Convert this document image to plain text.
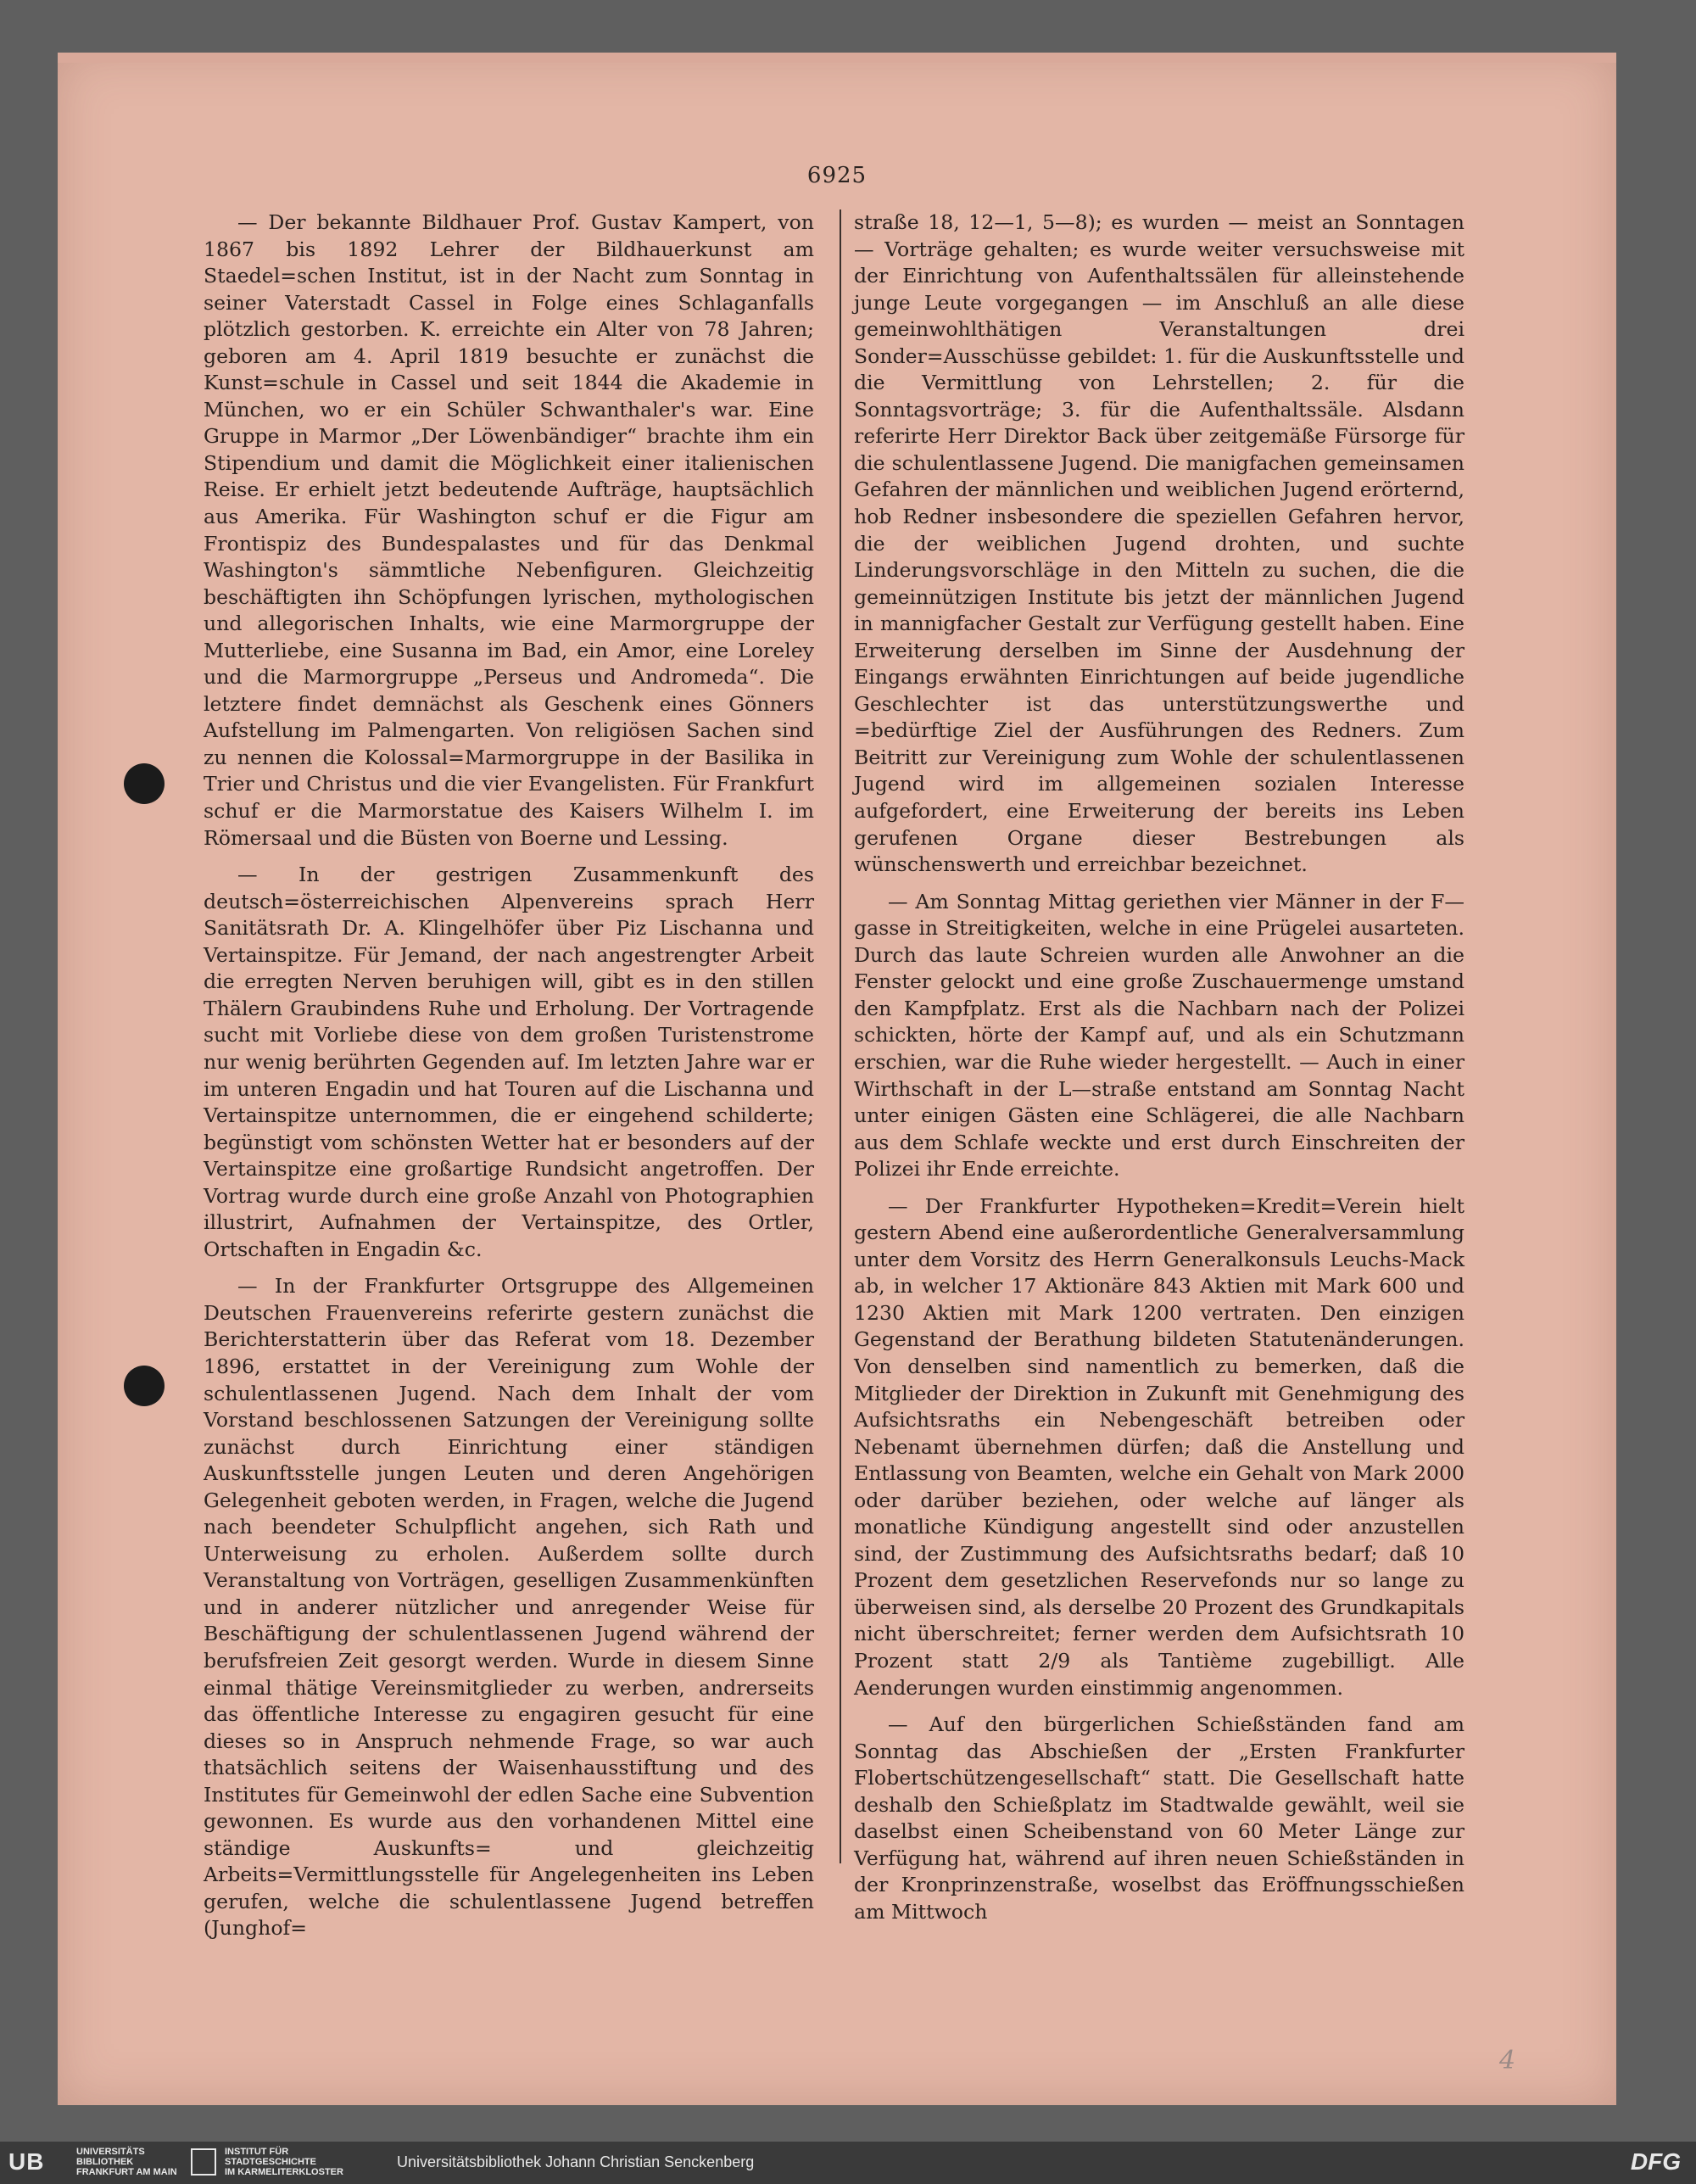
6925

— Der bekannte Bildhauer Prof. Gustav Kampert, von 1867 bis 1892 Lehrer der Bildhauerkunst am Staedel=schen Institut, ist in der Nacht zum Sonntag in seiner Vaterstadt Cassel in Folge eines Schlaganfalls plötzlich gestorben. K. erreichte ein Alter von 78 Jahren; geboren am 4. April 1819 besuchte er zunächst die Kunst=schule in Cassel und seit 1844 die Akademie in München, wo er ein Schüler Schwanthaler's war. Eine Gruppe in Marmor „Der Löwenbändiger“ brachte ihm ein Stipendium und damit die Möglichkeit einer italienischen Reise. Er erhielt jetzt bedeutende Aufträge, hauptsächlich aus Amerika. Für Washington schuf er die Figur am Frontispiz des Bundespalastes und für das Denkmal Washington's sämmtliche Nebenfiguren. Gleichzeitig beschäftigten ihn Schöpfungen lyrischen, mythologischen und allegorischen Inhalts, wie eine Marmorgruppe der Mutterliebe, eine Susanna im Bad, ein Amor, eine Loreley und die Marmorgruppe „Perseus und Andromeda“. Die letztere findet demnächst als Geschenk eines Gönners Aufstellung im Palmengarten. Von religiösen Sachen sind zu nennen die Kolossal=Marmorgruppe in der Basilika in Trier und Christus und die vier Evangelisten. Für Frankfurt schuf er die Marmorstatue des Kaisers Wilhelm I. im Römersaal und die Büsten von Boerne und Lessing.

— In der gestrigen Zusammenkunft des deutsch=österreichischen Alpenvereins sprach Herr Sanitätsrath Dr. A. Klingelhöfer über Piz Lischanna und Vertainspitze. Für Jemand, der nach angestrengter Arbeit die erregten Nerven beruhigen will, gibt es in den stillen Thälern Graubindens Ruhe und Erholung. Der Vortragende sucht mit Vorliebe diese von dem großen Turistenstrome nur wenig berührten Gegenden auf. Im letzten Jahre war er im unteren Engadin und hat Touren auf die Lischanna und Vertainspitze unternommen, die er eingehend schilderte; begünstigt vom schönsten Wetter hat er besonders auf der Vertainspitze eine großartige Rundsicht angetroffen. Der Vortrag wurde durch eine große Anzahl von Photographien illustrirt, Aufnahmen der Vertainspitze, des Ortler, Ortschaften in Engadin &c.

— In der Frankfurter Ortsgruppe des Allgemeinen Deutschen Frauenvereins referirte gestern zunächst die Berichterstatterin über das Referat vom 18. Dezember 1896, erstattet in der Vereinigung zum Wohle der schulentlassenen Jugend. Nach dem Inhalt der vom Vorstand beschlossenen Satzungen der Vereinigung sollte zunächst durch Einrichtung einer ständigen Auskunftsstelle jungen Leuten und deren Angehörigen Gelegenheit geboten werden, in Fragen, welche die Jugend nach beendeter Schulpflicht angehen, sich Rath und Unterweisung zu erholen. Außerdem sollte durch Veranstaltung von Vorträgen, geselligen Zusammenkünften und in anderer nützlicher und anregender Weise für Beschäftigung der schulentlassenen Jugend während der berufsfreien Zeit gesorgt werden. Wurde in diesem Sinne einmal thätige Vereinsmitglieder zu werben, andrerseits das öffentliche Interesse zu engagiren gesucht für eine dieses so in Anspruch nehmende Frage, so war auch thatsächlich seitens der Waisenhausstiftung und des Institutes für Gemeinwohl der edlen Sache eine Subvention gewonnen. Es wurde aus den vorhandenen Mittel eine ständige Auskunfts= und gleichzeitig Arbeits=Vermittlungsstelle für Angelegenheiten ins Leben gerufen, welche die schulentlassene Jugend betreffen (Junghof=

straße 18, 12—1, 5—8); es wurden — meist an Sonntagen — Vorträge gehalten; es wurde weiter versuchsweise mit der Einrichtung von Aufenthaltssälen für alleinstehende junge Leute vorgegangen — im Anschluß an alle diese gemeinwohlthätigen Veranstaltungen drei Sonder=Ausschüsse gebildet: 1. für die Auskunftsstelle und die Vermittlung von Lehrstellen; 2. für die Sonntagsvorträge; 3. für die Aufenthaltssäle. Alsdann referirte Herr Direktor Back über zeitgemäße Fürsorge für die schulentlassene Jugend. Die manigfachen gemeinsamen Gefahren der männlichen und weiblichen Jugend erörternd, hob Redner insbesondere die speziellen Gefahren hervor, die der weiblichen Jugend drohten, und suchte Linderungsvorschläge in den Mitteln zu suchen, die die gemeinnützigen Institute bis jetzt der männlichen Jugend in mannigfacher Gestalt zur Verfügung gestellt haben. Eine Erweiterung derselben im Sinne der Ausdehnung der Eingangs erwähnten Einrichtungen auf beide jugendliche Geschlechter ist das unterstützungswerthe und =bedürftige Ziel der Ausführungen des Redners. Zum Beitritt zur Vereinigung zum Wohle der schulentlassenen Jugend wird im allgemeinen sozialen Interesse aufgefordert, eine Erweiterung der bereits ins Leben gerufenen Organe dieser Bestrebungen als wünschenswerth und erreichbar bezeichnet.

— Am Sonntag Mittag geriethen vier Männer in der F—gasse in Streitigkeiten, welche in eine Prügelei ausarteten. Durch das laute Schreien wurden alle Anwohner an die Fenster gelockt und eine große Zuschauermenge umstand den Kampfplatz. Erst als die Nachbarn nach der Polizei schickten, hörte der Kampf auf, und als ein Schutzmann erschien, war die Ruhe wieder hergestellt. — Auch in einer Wirthschaft in der L—straße entstand am Sonntag Nacht unter einigen Gästen eine Schlägerei, die alle Nachbarn aus dem Schlafe weckte und erst durch Einschreiten der Polizei ihr Ende erreichte.

— Der Frankfurter Hypotheken=Kredit=Verein hielt gestern Abend eine außerordentliche Generalversammlung unter dem Vorsitz des Herrn Generalkonsuls Leuchs-Mack ab, in welcher 17 Aktionäre 843 Aktien mit Mark 600 und 1230 Aktien mit Mark 1200 vertraten. Den einzigen Gegenstand der Berathung bildeten Statutenänderungen. Von denselben sind namentlich zu bemerken, daß die Mitglieder der Direktion in Zukunft mit Genehmigung des Aufsichtsraths ein Nebengeschäft betreiben oder Nebenamt übernehmen dürfen; daß die Anstellung und Entlassung von Beamten, welche ein Gehalt von Mark 2000 oder darüber beziehen, oder welche auf länger als monatliche Kündigung angestellt sind oder anzustellen sind, der Zustimmung des Aufsichtsraths bedarf; daß 10 Prozent dem gesetzlichen Reservefonds nur so lange zu überweisen sind, als derselbe 20 Prozent des Grundkapitals nicht überschreitet; ferner werden dem Aufsichtsrath 10 Prozent statt 2/9 als Tantième zugebilligt. Alle Aenderungen wurden einstimmig angenommen.

— Auf den bürgerlichen Schießständen fand am Sonntag das Abschießen der „Ersten Frankfurter Flobertschützengesellschaft“ statt. Die Gesellschaft hatte deshalb den Schießplatz im Stadtwalde gewählt, weil sie daselbst einen Scheibenstand von 60 Meter Länge zur Verfügung hat, während auf ihren neuen Schießständen in der Kronprinzenstraße, woselbst das Eröffnungsschießen am Mittwoch

4
UB	UNIVERSITÄTS
BIBLIOTHEK
FRANKFURT AM MAIN
INSTITUT FÜR
STADTGESCHICHTE
IM KARMELITERKLOSTER
Universitätsbibliothek Johann Christian Senckenberg	DFG
